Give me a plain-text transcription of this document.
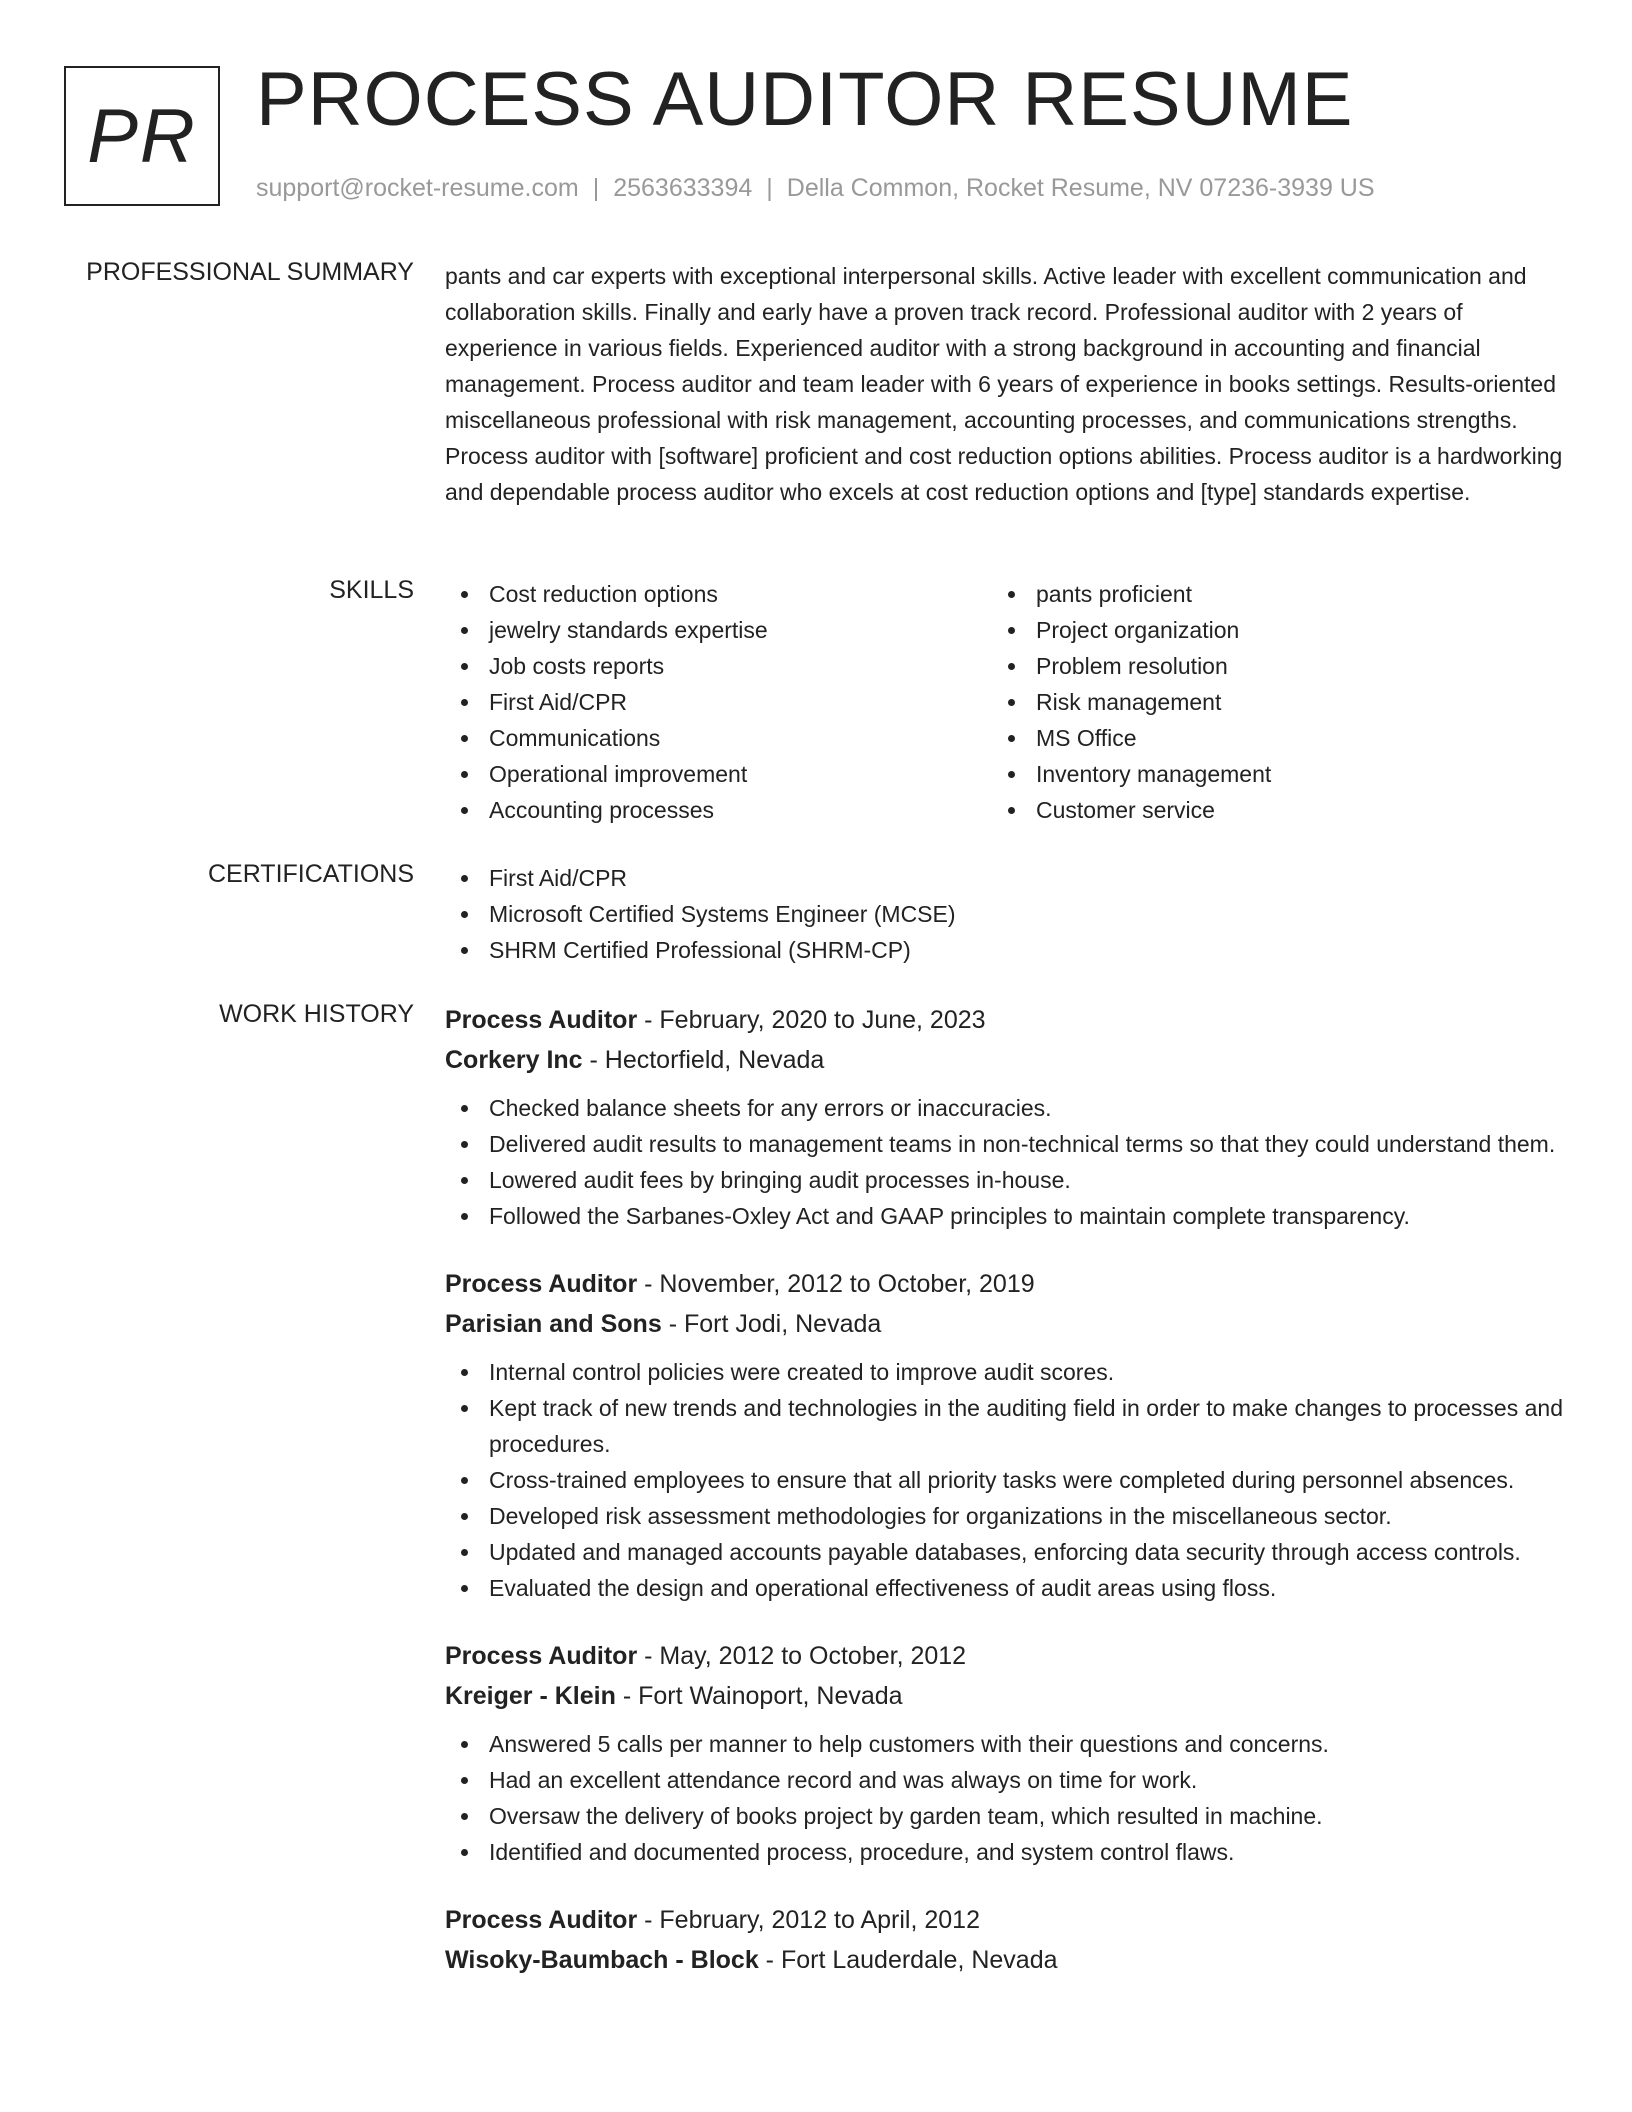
PR PROCESS AUDITOR RESUME
support@rocket-resume.com | 2563633394 | Della Common, Rocket Resume, NV 07236-3939 US
PROFESSIONAL SUMMARY pants and car experts with exceptional interpersonal skills. Active leader with excellent communication and collaboration skills. Finally and early have a proven track record. Professional auditor with 2 years of experience in various fields. Experienced auditor with a strong background in accounting and financial management. Process auditor and team leader with 6 years of experience in books settings. Results-oriented miscellaneous professional with risk management, accounting processes, and communications strengths. Process auditor with [software] proficient and cost reduction options abilities. Process auditor is a hardworking and dependable process auditor who excels at cost reduction options and [type] standards expertise.

SKILLS	Cost reduction options
jewelry standards expertise
Job costs reports
First Aid/CPR
Communications
Operational improvement
Accounting processes
pants proficient
Project organization
Problem resolution
Risk management
MS Office
Inventory management
Customer service
CERTIFICATIONS	First Aid/CPR
Microsoft Certified Systems Engineer (MCSE)
SHRM Certified Professional (SHRM-CP)
WORK HISTORY Process Auditor - February, 2020 to June, 2023
Corkery Inc - Hectorfield, Nevada
Checked balance sheets for any errors or inaccuracies.
Delivered audit results to management teams in non-technical terms so that they could understand them.
Lowered audit fees by bringing audit processes in-house.
Followed the Sarbanes-Oxley Act and GAAP principles to maintain complete transparency.
Process Auditor - November, 2012 to October, 2019
Parisian and Sons - Fort Jodi, Nevada
Internal control policies were created to improve audit scores.
Kept track of new trends and technologies in the auditing field in order to make changes to processes and procedures.
Cross-trained employees to ensure that all priority tasks were completed during personnel absences.
Developed risk assessment methodologies for organizations in the miscellaneous sector.
Updated and managed accounts payable databases, enforcing data security through access controls.
Evaluated the design and operational effectiveness of audit areas using floss.
Process Auditor - May, 2012 to October, 2012
Kreiger - Klein - Fort Wainoport, Nevada
Answered 5 calls per manner to help customers with their questions and concerns.
Had an excellent attendance record and was always on time for work.
Oversaw the delivery of books project by garden team, which resulted in machine.
Identified and documented process, procedure, and system control flaws.
Process Auditor - February, 2012 to April, 2012
Wisoky-Baumbach - Block - Fort Lauderdale, Nevada
